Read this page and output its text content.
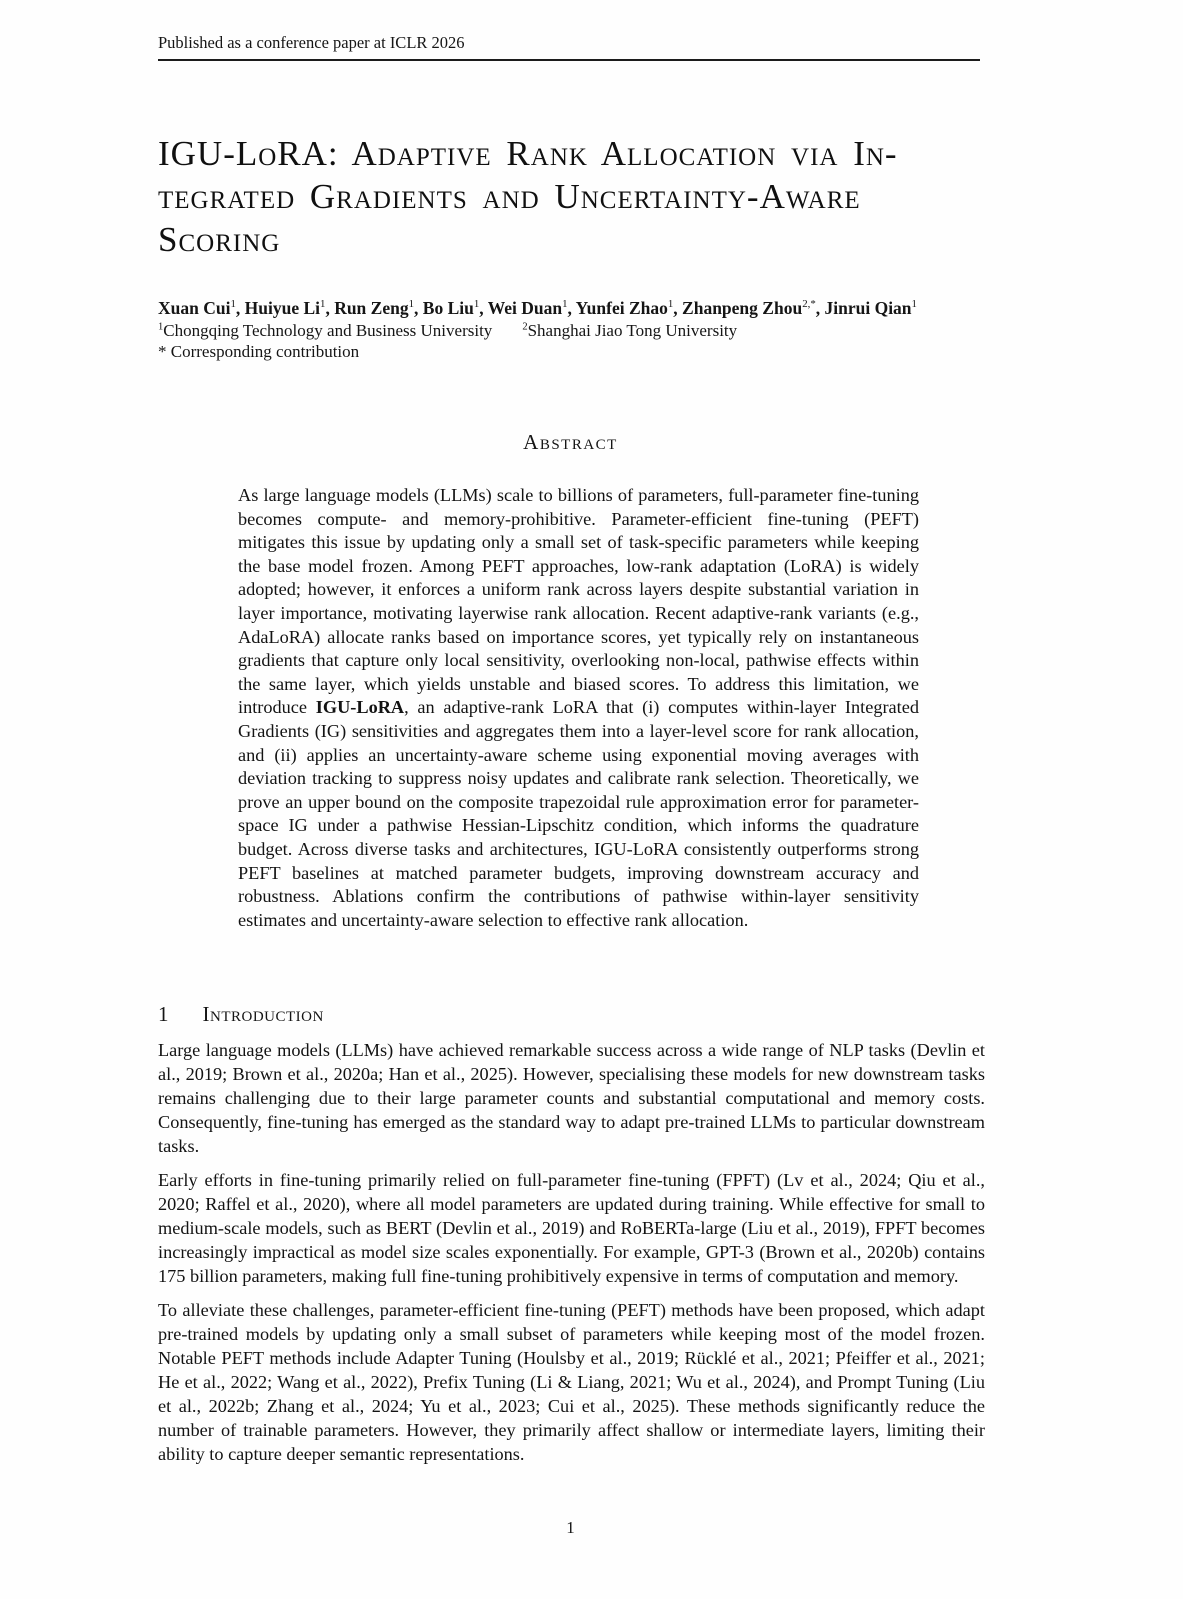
Published as a conference paper at ICLR 2026
IGU-LoRA: Adaptive Rank Allocation via In-
tegrated Gradients and Uncertainty-Aware
Scoring
Xuan Cui$^1$, Huiyue Li$^1$, Run Zeng$^1$, Bo Liu$^1$, Wei Duan$^1$, Yunfei Zhao$^1$, Zhanpeng Zhou$^{2,*}$, Jinrui Qian$^1$
$^1$Chongqing Technology and Business University	$^2$Shanghai Jiao Tong University
* Corresponding contribution
Abstract
As large language models (LLMs) scale to billions of parameters, full-parameter fine-tuning becomes compute- and memory-prohibitive. Parameter-efficient fine-tuning (PEFT) mitigates this issue by updating only a small set of task-specific parameters while keeping the base model frozen. Among PEFT approaches, low-rank adaptation (LoRA) is widely adopted; however, it enforces a uniform rank across layers despite substantial variation in layer importance, motivating layerwise rank allocation. Recent adaptive-rank variants (e.g., AdaLoRA) allocate ranks based on importance scores, yet typically rely on instantaneous gradients that capture only local sensitivity, overlooking non-local, pathwise effects within the same layer, which yields unstable and biased scores. To address this limitation, we introduce IGU-LoRA, an adaptive-rank LoRA that (i) computes within-layer Integrated Gradients (IG) sensitivities and aggregates them into a layer-level score for rank allocation, and (ii) applies an uncertainty-aware scheme using exponential moving averages with deviation tracking to suppress noisy updates and calibrate rank selection. Theoretically, we prove an upper bound on the composite trapezoidal rule approximation error for parameter-space IG under a pathwise Hessian-Lipschitz condition, which informs the quadrature budget. Across diverse tasks and architectures, IGU-LoRA consistently outperforms strong PEFT baselines at matched parameter budgets, improving downstream accuracy and robustness. Ablations confirm the contributions of pathwise within-layer sensitivity estimates and uncertainty-aware selection to effective rank allocation.
1 Introduction

Large language models (LLMs) have achieved remarkable success across a wide range of NLP tasks (Devlin et al., 2019; Brown et al., 2020a; Han et al., 2025). However, specialising these models for new downstream tasks remains challenging due to their large parameter counts and substantial computational and memory costs. Consequently, fine-tuning has emerged as the standard way to adapt pre-trained LLMs to particular downstream tasks.

Early efforts in fine-tuning primarily relied on full-parameter fine-tuning (FPFT) (Lv et al., 2024; Qiu et al., 2020; Raffel et al., 2020), where all model parameters are updated during training. While effective for small to medium-scale models, such as BERT (Devlin et al., 2019) and RoBERTa-large (Liu et al., 2019), FPFT becomes increasingly impractical as model size scales exponentially. For example, GPT-3 (Brown et al., 2020b) contains 175 billion parameters, making full fine-tuning prohibitively expensive in terms of computation and memory.

To alleviate these challenges, parameter-efficient fine-tuning (PEFT) methods have been proposed, which adapt pre-trained models by updating only a small subset of parameters while keeping most of the model frozen. Notable PEFT methods include Adapter Tuning (Houlsby et al., 2019; Rücklé et al., 2021; Pfeiffer et al., 2021; He et al., 2022; Wang et al., 2022), Prefix Tuning (Li & Liang, 2021; Wu et al., 2024), and Prompt Tuning (Liu et al., 2022b; Zhang et al., 2024; Yu et al., 2023; Cui et al., 2025). These methods significantly reduce the number of trainable parameters. However, they primarily affect shallow or intermediate layers, limiting their ability to capture deeper semantic representations.

1
